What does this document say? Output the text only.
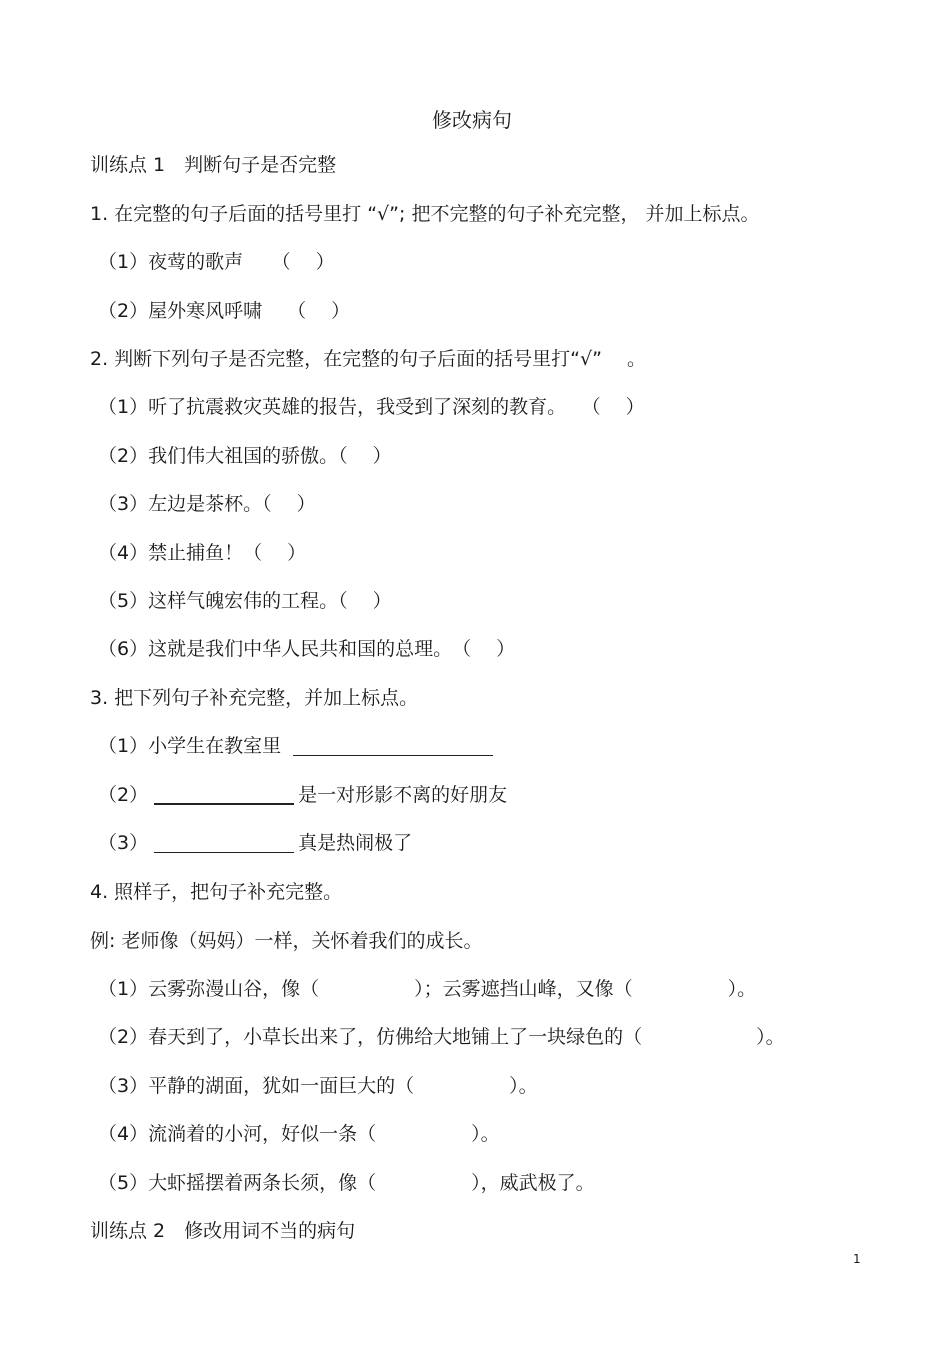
修改病句
训练点 1　判断句子是否完整
1. 在完整的句子后面的括号里打 “√”; 把不完整的句子补充完整， 并加上标点。
（1）夜莺的歌声　　（　 ）
（2）屋外寒风呼啸　 （　 ）
2. 判断下列句子是否完整，在完整的句子后面的括号里打“√”　 。
（1）听了抗震救灾英雄的报告，我受到了深刻的教育。　 （　 ）
（2）我们伟大祖国的骄傲。（　 ）
（3）左边是茶杯。（　 ）
（4）禁止捕鱼！（　 ）
（5）这样气魄宏伟的工程。（　 ）
（6）这就是我们中华人民共和国的总理。　（　 ）
3. 把下列句子补充完整，并加上标点。
（1）小学生在教室里
（2）	是一对形影不离的好朋友
（3）	真是热闹极了
4. 照样子，把句子补充完整。
例: 老师像（妈妈）一样，关怀着我们的成长。
（1）云雾弥漫山谷，像（　　　　　）；云雾遮挡山峰，又像（　　　　　）。
（2）春天到了，小草长出来了，仿佛给大地铺上了一块绿色的（　　　　　　）。
（3）平静的湖面，犹如一面巨大的（　　　　　）。
（4）流淌着的小河，好似一条（　　　　　）。
（5）大虾摇摆着两条长须，像（　　　　　），威武极了。
训练点 2　修改用词不当的病句
1
